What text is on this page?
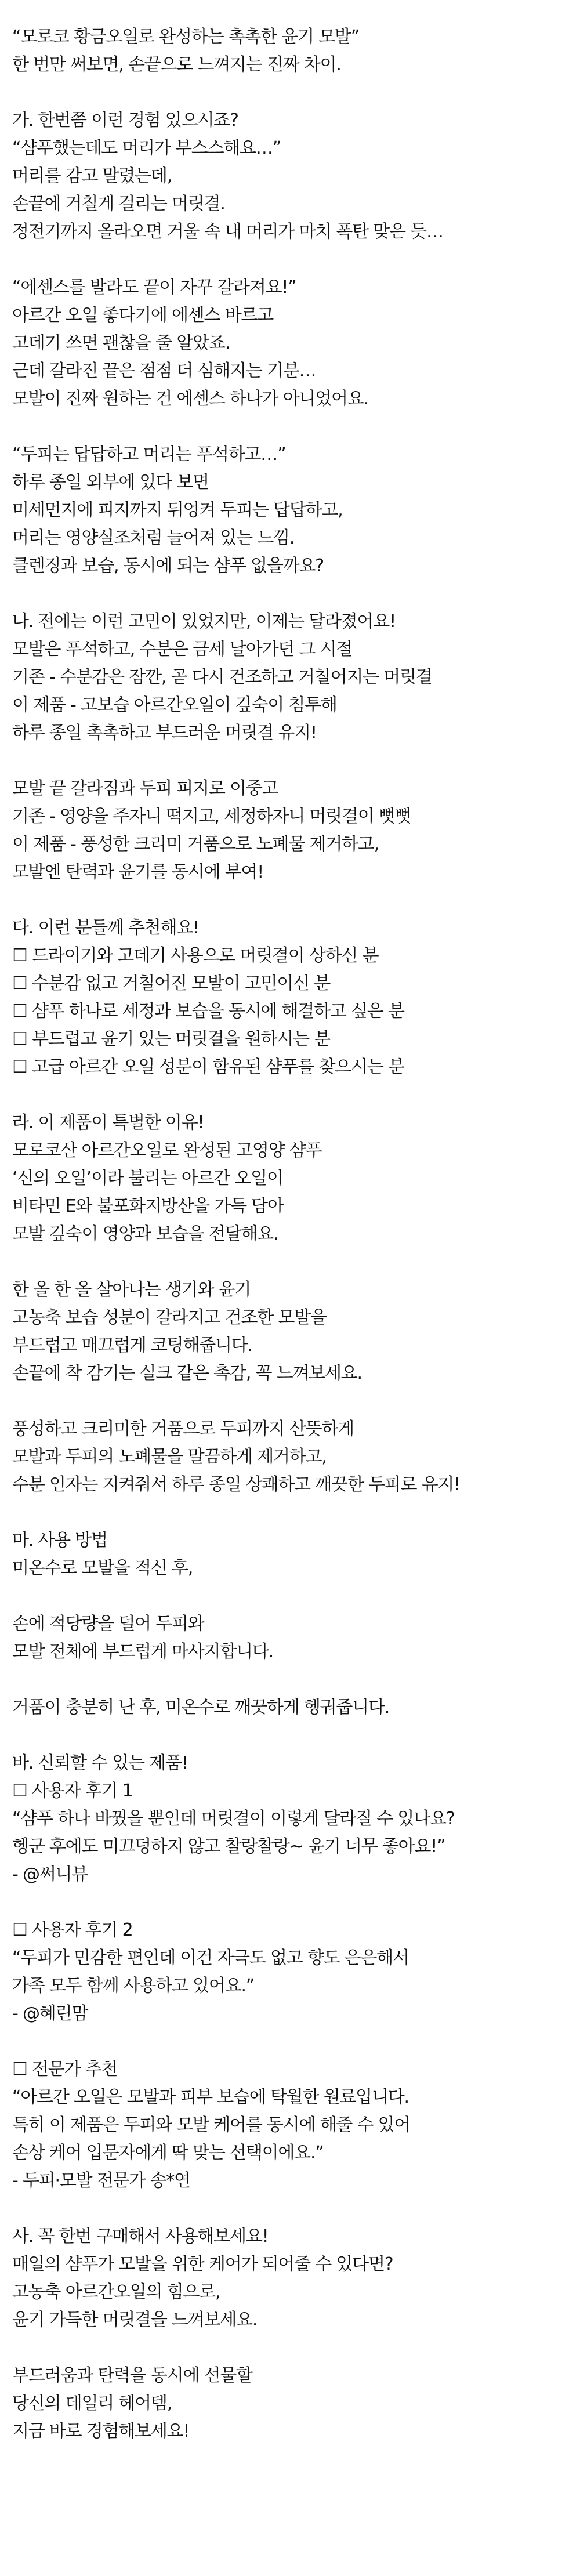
“모로코 황금오일로 완성하는 촉촉한 윤기 모발”
한 번만 써보면, 손끝으로 느껴지는 진짜 차이.
가. 한번쯤 이런 경험 있으시죠?
“샴푸했는데도 머리가 부스스해요…”
머리를 감고 말렸는데,
손끝에 거칠게 걸리는 머릿결.
정전기까지 올라오면 거울 속 내 머리가 마치 폭탄 맞은 듯…
“에센스를 발라도 끝이 자꾸 갈라져요!”
아르간 오일 좋다기에 에센스 바르고
고데기 쓰면 괜찮을 줄 알았죠.
근데 갈라진 끝은 점점 더 심해지는 기분…
모발이 진짜 원하는 건 에센스 하나가 아니었어요.
“두피는 답답하고 머리는 푸석하고…”
하루 종일 외부에 있다 보면
미세먼지에 피지까지 뒤엉켜 두피는 답답하고,
머리는 영양실조처럼 늘어져 있는 느낌.
클렌징과 보습, 동시에 되는 샴푸 없을까요?
나. 전에는 이런 고민이 있었지만, 이제는 달라졌어요!
모발은 푸석하고, 수분은 금세 날아가던 그 시절
기존 - 수분감은 잠깐, 곧 다시 건조하고 거칠어지는 머릿결
이 제품 - 고보습 아르간오일이 깊숙이 침투해
하루 종일 촉촉하고 부드러운 머릿결 유지!
모발 끝 갈라짐과 두피 피지로 이중고
기존 - 영양을 주자니 떡지고, 세정하자니 머릿결이 뻣뻣
이 제품 - 풍성한 크리미 거품으로 노폐물 제거하고,
모발엔 탄력과 윤기를 동시에 부여!
다. 이런 분들께 추천해요!
☐ 드라이기와 고데기 사용으로 머릿결이 상하신 분
☐ 수분감 없고 거칠어진 모발이 고민이신 분
☐ 샴푸 하나로 세정과 보습을 동시에 해결하고 싶은 분
☐ 부드럽고 윤기 있는 머릿결을 원하시는 분
☐ 고급 아르간 오일 성분이 함유된 샴푸를 찾으시는 분
라. 이 제품이 특별한 이유!
모로코산 아르간오일로 완성된 고영양 샴푸
‘신의 오일’이라 불리는 아르간 오일이
비타민 E와 불포화지방산을 가득 담아
모발 깊숙이 영양과 보습을 전달해요.
한 올 한 올 살아나는 생기와 윤기
고농축 보습 성분이 갈라지고 건조한 모발을
부드럽고 매끄럽게 코팅해줍니다.
손끝에 착 감기는 실크 같은 촉감, 꼭 느껴보세요.
풍성하고 크리미한 거품으로 두피까지 산뜻하게
모발과 두피의 노폐물을 말끔하게 제거하고,
수분 인자는 지켜줘서 하루 종일 상쾌하고 깨끗한 두피로 유지!
마. 사용 방법
미온수로 모발을 적신 후,
손에 적당량을 덜어 두피와
모발 전체에 부드럽게 마사지합니다.
거품이 충분히 난 후, 미온수로 깨끗하게 헹궈줍니다.
바. 신뢰할 수 있는 제품!
☐ 사용자 후기 1
“샴푸 하나 바꿨을 뿐인데 머릿결이 이렇게 달라질 수 있나요?
헹군 후에도 미끄덩하지 않고 찰랑찰랑~ 윤기 너무 좋아요!”
- @써니뷰
☐ 사용자 후기 2
“두피가 민감한 편인데 이건 자극도 없고 향도 은은해서
가족 모두 함께 사용하고 있어요.”
- @혜린맘
☐ 전문가 추천
“아르간 오일은 모발과 피부 보습에 탁월한 원료입니다.
특히 이 제품은 두피와 모발 케어를 동시에 해줄 수 있어
손상 케어 입문자에게 딱 맞는 선택이에요.”
- 두피·모발 전문가 송*연
사. 꼭 한번 구매해서 사용해보세요!
매일의 샴푸가 모발을 위한 케어가 되어줄 수 있다면?
고농축 아르간오일의 힘으로,
윤기 가득한 머릿결을 느껴보세요.
부드러움과 탄력을 동시에 선물할
당신의 데일리 헤어템,
지금 바로 경험해보세요!
